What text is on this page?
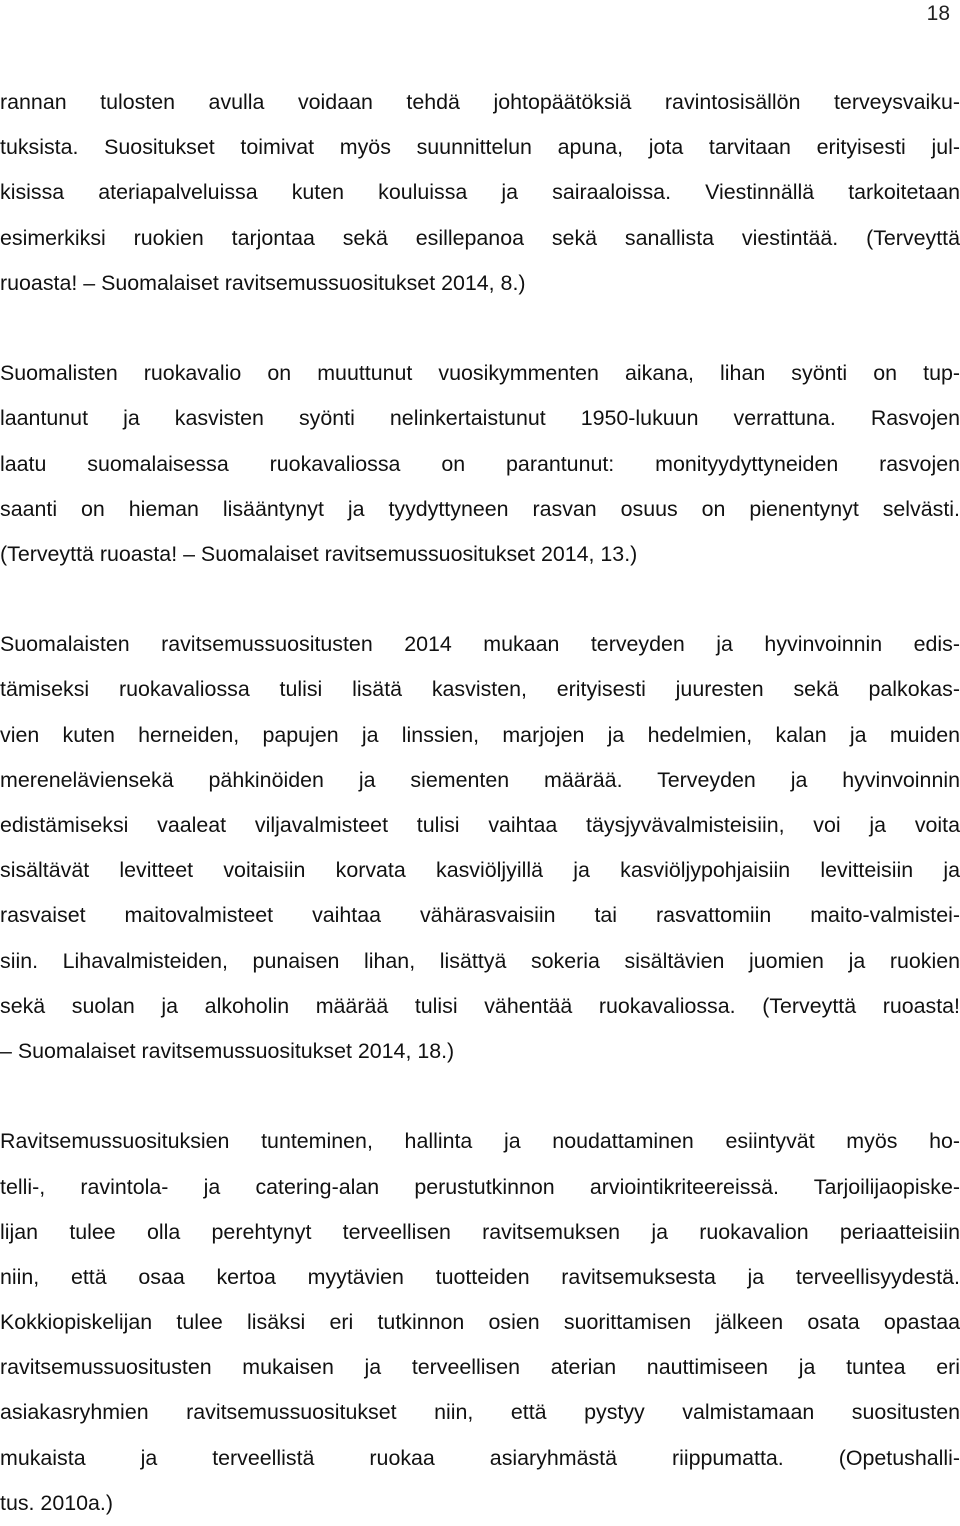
18
rannan tulosten avulla voidaan tehdä johtopäätöksiä ravintosisällön terveysvaiku-
tuksista. Suositukset toimivat myös suunnittelun apuna, jota tarvitaan erityisesti jul-
kisissa ateriapalveluissa kuten kouluissa ja sairaaloissa. Viestinnällä tarkoitetaan
esimerkiksi ruokien tarjontaa sekä esillepanoa sekä sanallista viestintää. (Terveyttä
ruoasta! – Suomalaiset ravitsemussuositukset 2014, 8.)
Suomalisten ruokavalio on muuttunut vuosikymmenten aikana, lihan syönti on tup-
laantunut ja kasvisten syönti nelinkertaistunut 1950-lukuun verrattuna. Rasvojen
laatu suomalaisessa ruokavaliossa on parantunut: monityydyttyneiden rasvojen
saanti on hieman lisääntynyt ja tyydyttyneen rasvan osuus on pienentynyt selvästi.
(Terveyttä ruoasta! – Suomalaiset ravitsemussuositukset 2014, 13.)
Suomalaisten ravitsemussuositusten 2014 mukaan terveyden ja hyvinvoinnin edis-
tämiseksi ruokavaliossa tulisi lisätä kasvisten, erityisesti juuresten sekä palkokas-
vien kuten herneiden, papujen ja linssien, marjojen ja hedelmien, kalan ja muiden
mereneläviensekä pähkinöiden ja siementen määrää. Terveyden ja hyvinvoinnin
edistämiseksi vaaleat viljavalmisteet tulisi vaihtaa täysjyvävalmisteisiin, voi ja voita
sisältävät levitteet voitaisiin korvata kasviöljyillä ja kasviöljypohjaisiin levitteisiin ja
rasvaiset maitovalmisteet vaihtaa vähärasvaisiin tai rasvattomiin maito-valmistei-
siin. Lihavalmisteiden, punaisen lihan, lisättyä sokeria sisältävien juomien ja ruokien
sekä suolan ja alkoholin määrää tulisi vähentää ruokavaliossa. (Terveyttä ruoasta!
– Suomalaiset ravitsemussuositukset 2014, 18.)
Ravitsemussuosituksien tunteminen, hallinta ja noudattaminen esiintyvät myös ho-
telli-, ravintola- ja catering-alan perustutkinnon arviointikriteereissä. Tarjoilijaopiske-
lijan tulee olla perehtynyt terveellisen ravitsemuksen ja ruokavalion periaatteisiin
niin, että osaa kertoa myytävien tuotteiden ravitsemuksesta ja terveellisyydestä.
Kokkiopiskelijan tulee lisäksi eri tutkinnon osien suorittamisen jälkeen osata opastaa
ravitsemussuositusten mukaisen ja terveellisen aterian nauttimiseen ja tuntea eri
asiakasryhmien ravitsemussuositukset niin, että pystyy valmistamaan suositusten
mukaista ja terveellistä ruokaa asiaryhmästä riippumatta. (Opetushalli-
tus. 2010a.)
